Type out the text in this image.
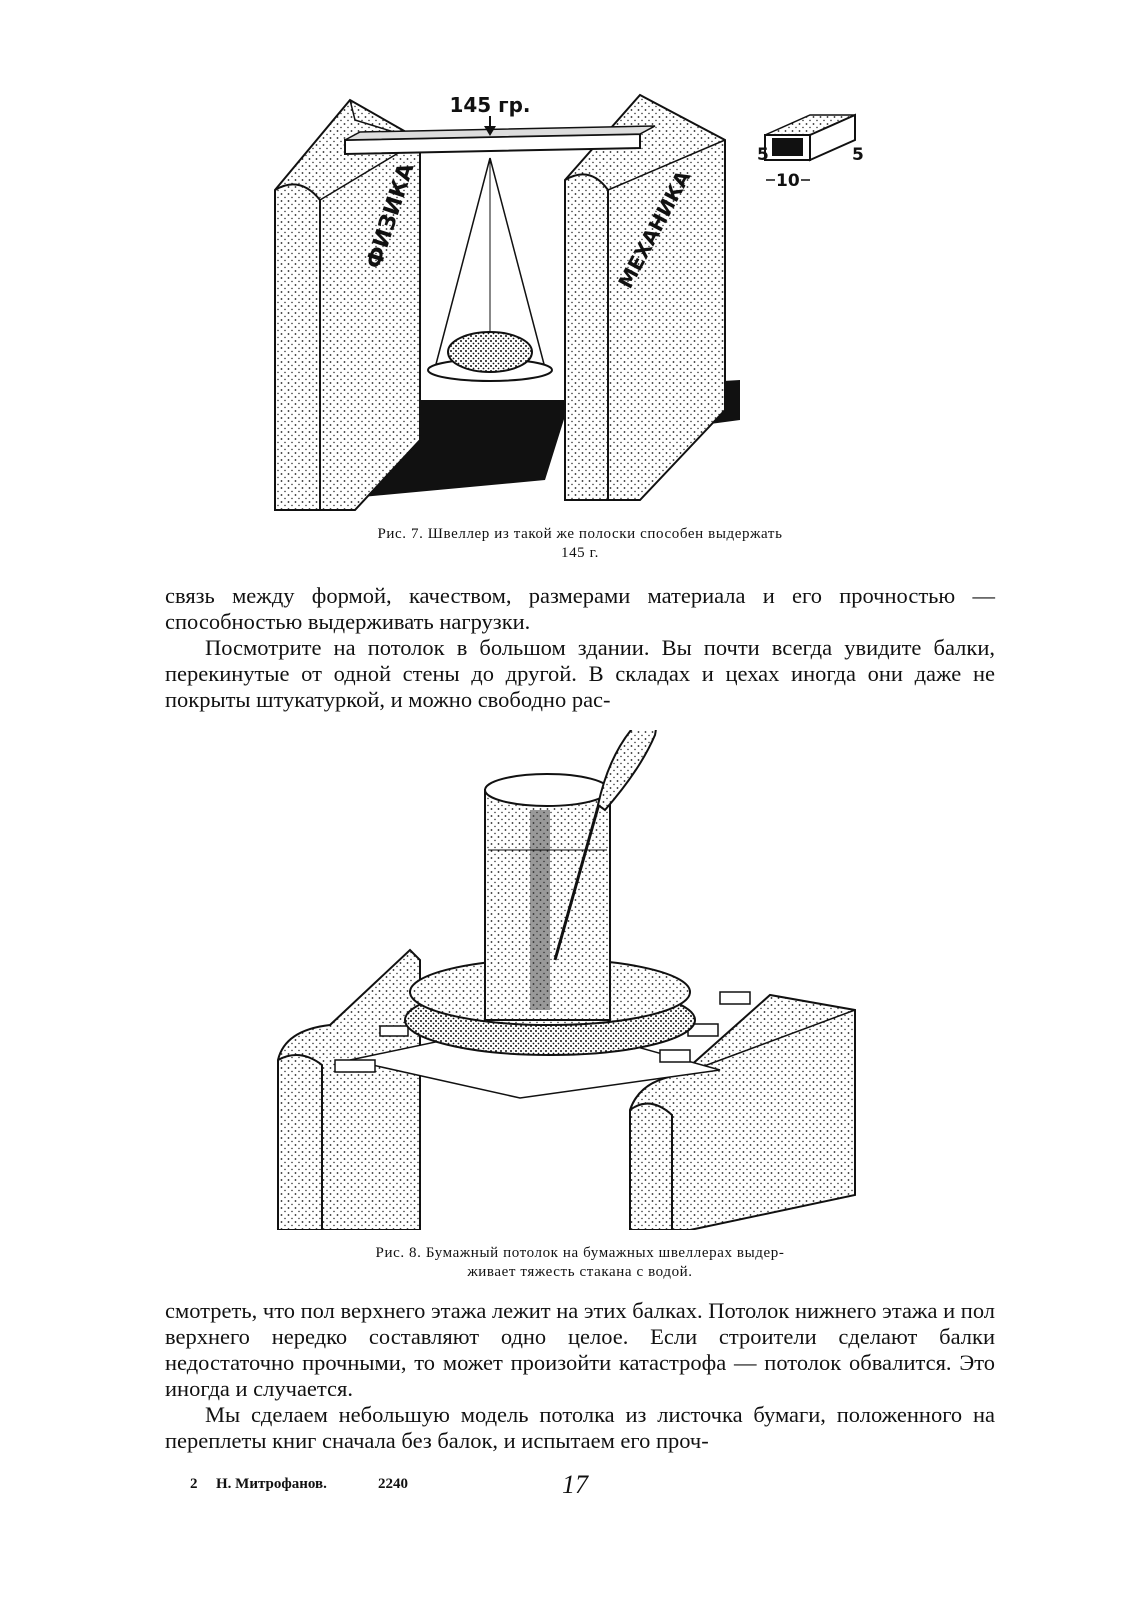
ФИЗИКА	МЕХАНИКА
145 гр.
5
10
5
Рис. 7. Швеллер из такой же полоски способен выдержать
145 г.

связь между формой, качеством, размерами материала и его прочностью — способностью выдерживать нагрузки.

Посмотрите на потолок в большом здании. Вы почти всегда увидите балки, перекинутые от одной стены до другой. В складах и цехах иногда они даже не покрыты штукатуркой, и можно свободно рас-

Рис. 8. Бумажный потолок на бумажных швеллерах выдер-
живает тяжесть стакана с водой.

смотреть, что пол верхнего этажа лежит на этих балках. Потолок нижнего этажа и пол верхнего нередко составляют одно целое. Если строители сделают балки недостаточно прочными, то может произойти катастрофа — потолок обвалится. Это иногда и случается.

Мы сделаем небольшую модель потолка из листочка бумаги, положенного на переплеты книг сначала без балок, и испытаем его проч-

2 Н. Митрофанов.	2240	17
